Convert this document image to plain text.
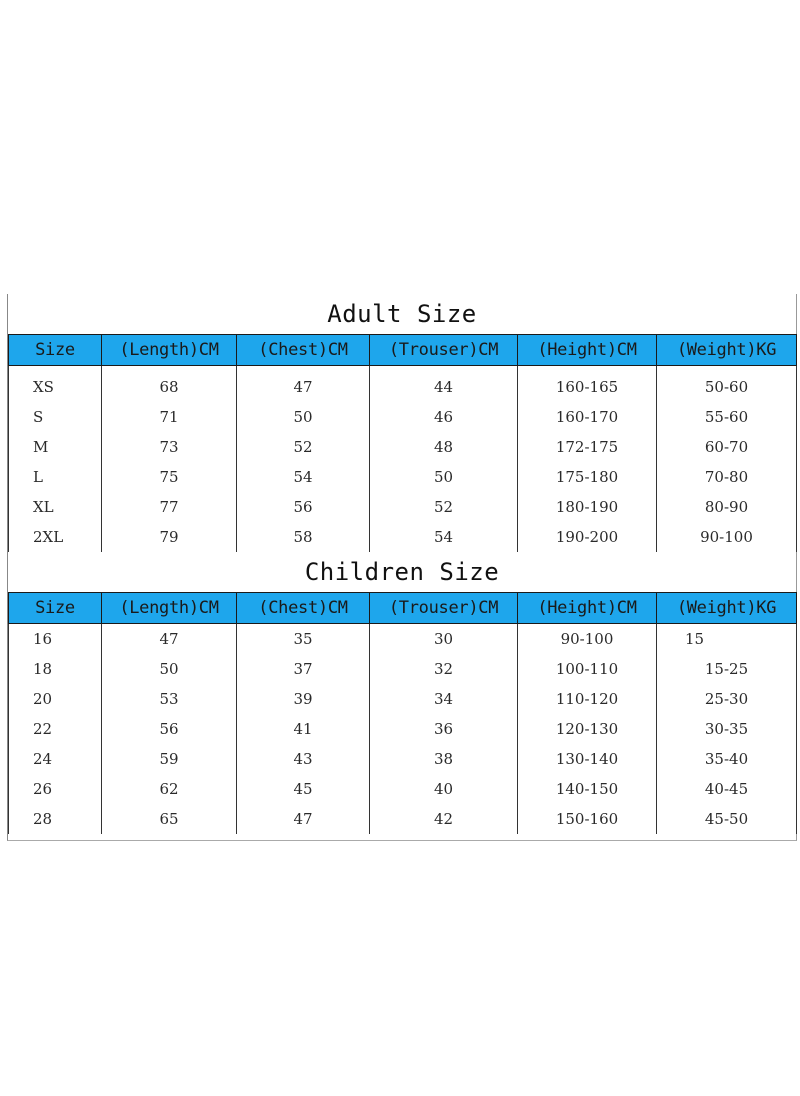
Adult Size
Size	(Length)CM	(Chest)CM	(Trouser)CM	(Height)CM	(Weight)KG
XS	68	47	44	160-165	50-60
S	71	50	46	160-170	55-60
M	73	52	48	172-175	60-70
L	75	54	50	175-180	70-80
XL	77	56	52	180-190	80-90
2XL	79	58	54	190-200	90-100
Children Size
Size	(Length)CM	(Chest)CM	(Trouser)CM	(Height)CM	(Weight)KG
16	47	35	30	90-100	15
18	50	37	32	100-110	15-25
20	53	39	34	110-120	25-30
22	56	41	36	120-130	30-35
24	59	43	38	130-140	35-40
26	62	45	40	140-150	40-45
28	65	47	42	150-160	45-50
